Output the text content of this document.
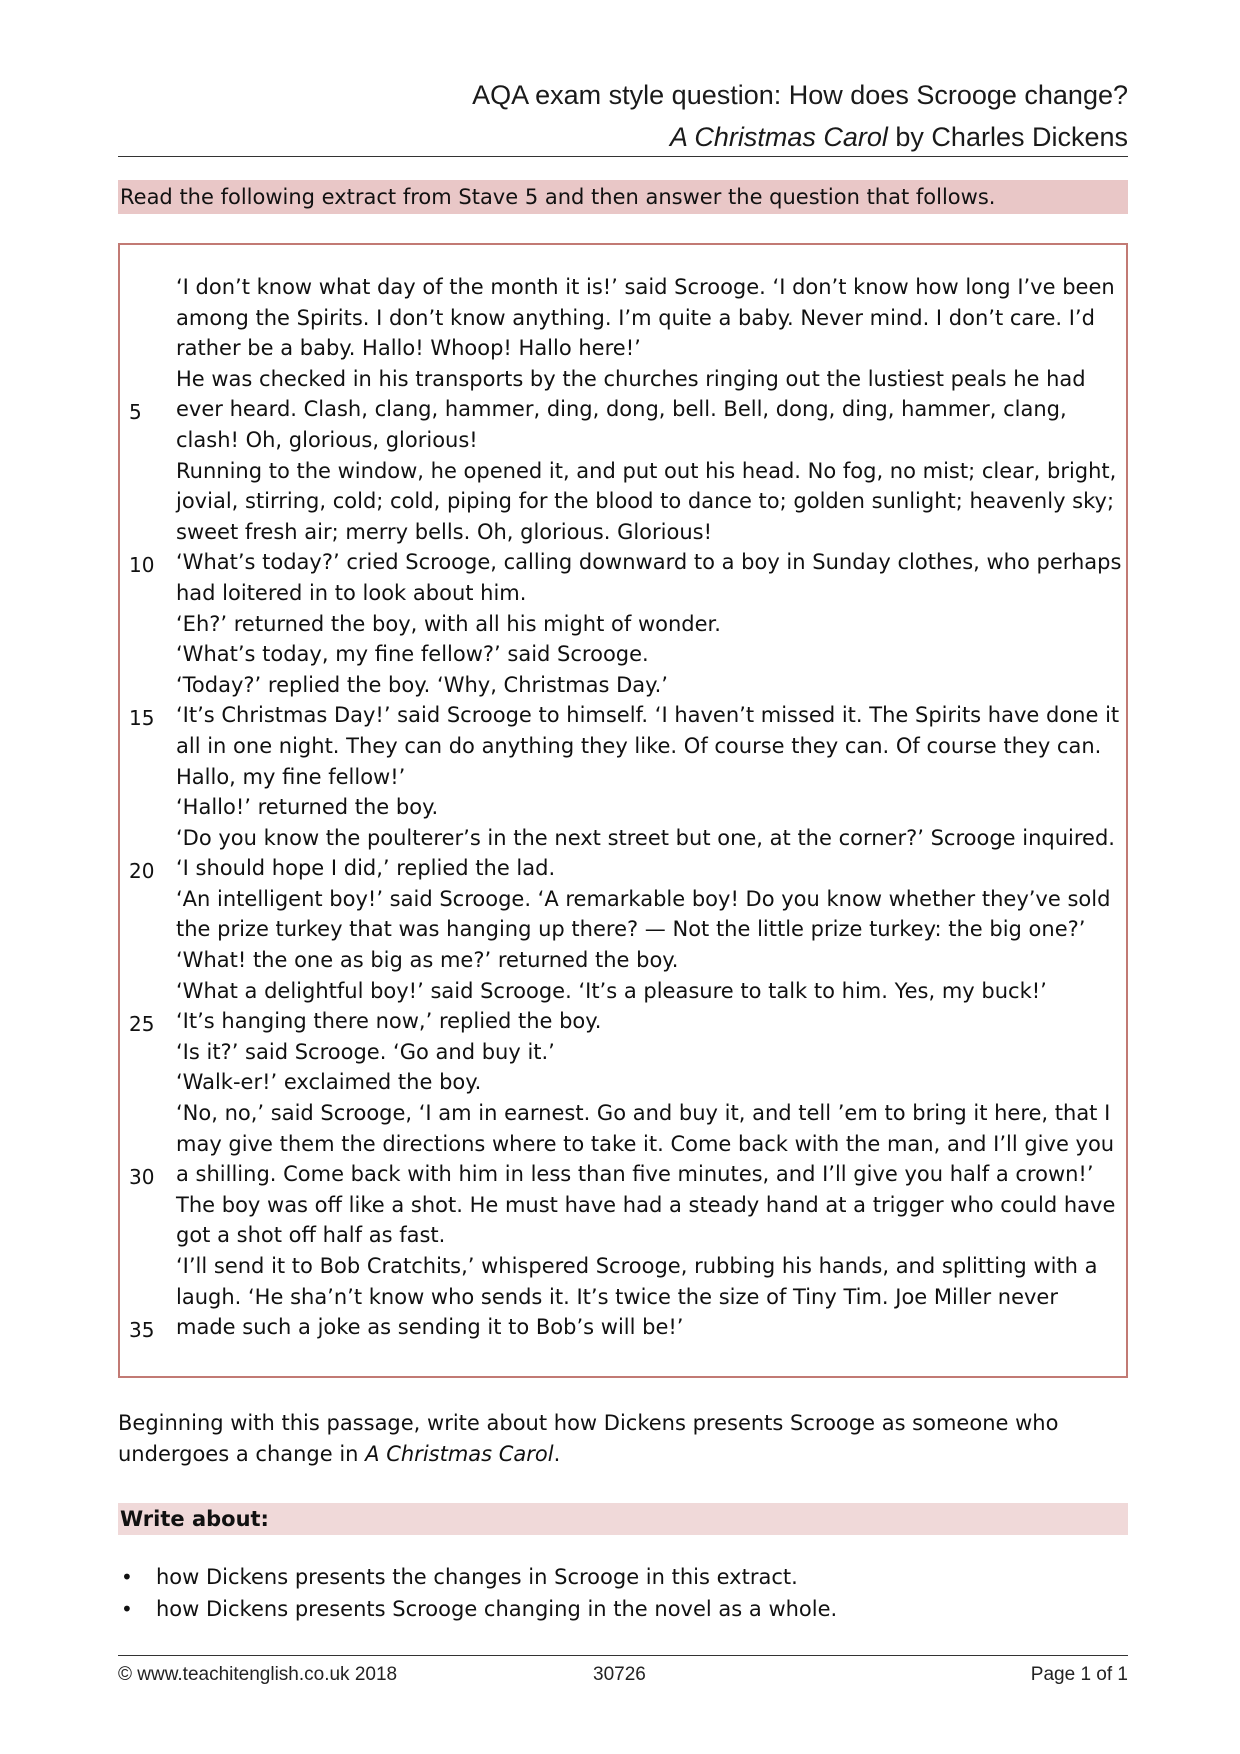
AQA exam style question: How does Scrooge change?
A Christmas Carol by Charles Dickens
Read the following extract from Stave 5 and then answer the question that follows.
‘I don’t know what day of the month it is!’ said Scrooge. ‘I don’t know how long I’ve been
among the Spirits. I don’t know anything. I’m quite a baby. Never mind. I don’t care. I’d
rather be a baby. Hallo! Whoop! Hallo here!’
He was checked in his transports by the churches ringing out the lustiest peals he had
5	ever heard. Clash, clang, hammer, ding, dong, bell. Bell, dong, ding, hammer, clang,
clash! Oh, glorious, glorious!
Running to the window, he opened it, and put out his head. No fog, no mist; clear, bright,
jovial, stirring, cold; cold, piping for the blood to dance to; golden sunlight; heavenly sky;
sweet fresh air; merry bells. Oh, glorious. Glorious!
10 ‘What’s today?’ cried Scrooge, calling downward to a boy in Sunday clothes, who perhaps
had loitered in to look about him.
‘Eh?’ returned the boy, with all his might of wonder.
‘What’s today, my fine fellow?’ said Scrooge.
‘Today?’ replied the boy. ‘Why, Christmas Day.’
15 ‘It’s Christmas Day!’ said Scrooge to himself. ‘I haven’t missed it. The Spirits have done it
all in one night. They can do anything they like. Of course they can. Of course they can.
Hallo, my fine fellow!’
‘Hallo!’ returned the boy.
‘Do you know the poulterer’s in the next street but one, at the corner?’ Scrooge inquired.
20 ‘I should hope I did,’ replied the lad.
‘An intelligent boy!’ said Scrooge. ‘A remarkable boy! Do you know whether they’ve sold
the prize turkey that was hanging up there? — Not the little prize turkey: the big one?’
‘What! the one as big as me?’ returned the boy.
‘What a delightful boy!’ said Scrooge. ‘It’s a pleasure to talk to him. Yes, my buck!’
25 ‘It’s hanging there now,’ replied the boy.
‘Is it?’ said Scrooge. ‘Go and buy it.’
‘Walk-er!’ exclaimed the boy.
‘No, no,’ said Scrooge, ‘I am in earnest. Go and buy it, and tell ’em to bring it here, that I
may give them the directions where to take it. Come back with the man, and I’ll give you
30 a shilling. Come back with him in less than five minutes, and I’ll give you half a crown!’
The boy was off like a shot. He must have had a steady hand at a trigger who could have
got a shot off half as fast.
‘I’ll send it to Bob Cratchits,’ whispered Scrooge, rubbing his hands, and splitting with a
laugh. ‘He sha’n’t know who sends it. It’s twice the size of Tiny Tim. Joe Miller never
35 made such a joke as sending it to Bob’s will be!’
Beginning with this passage, write about how Dickens presents Scrooge as someone who
undergoes a change in A Christmas Carol.
Write about:
• how Dickens presents the changes in Scrooge in this extract.
• how Dickens presents Scrooge changing in the novel as a whole.
© www.teachitenglish.co.uk 2018	30726	Page 1 of 1
